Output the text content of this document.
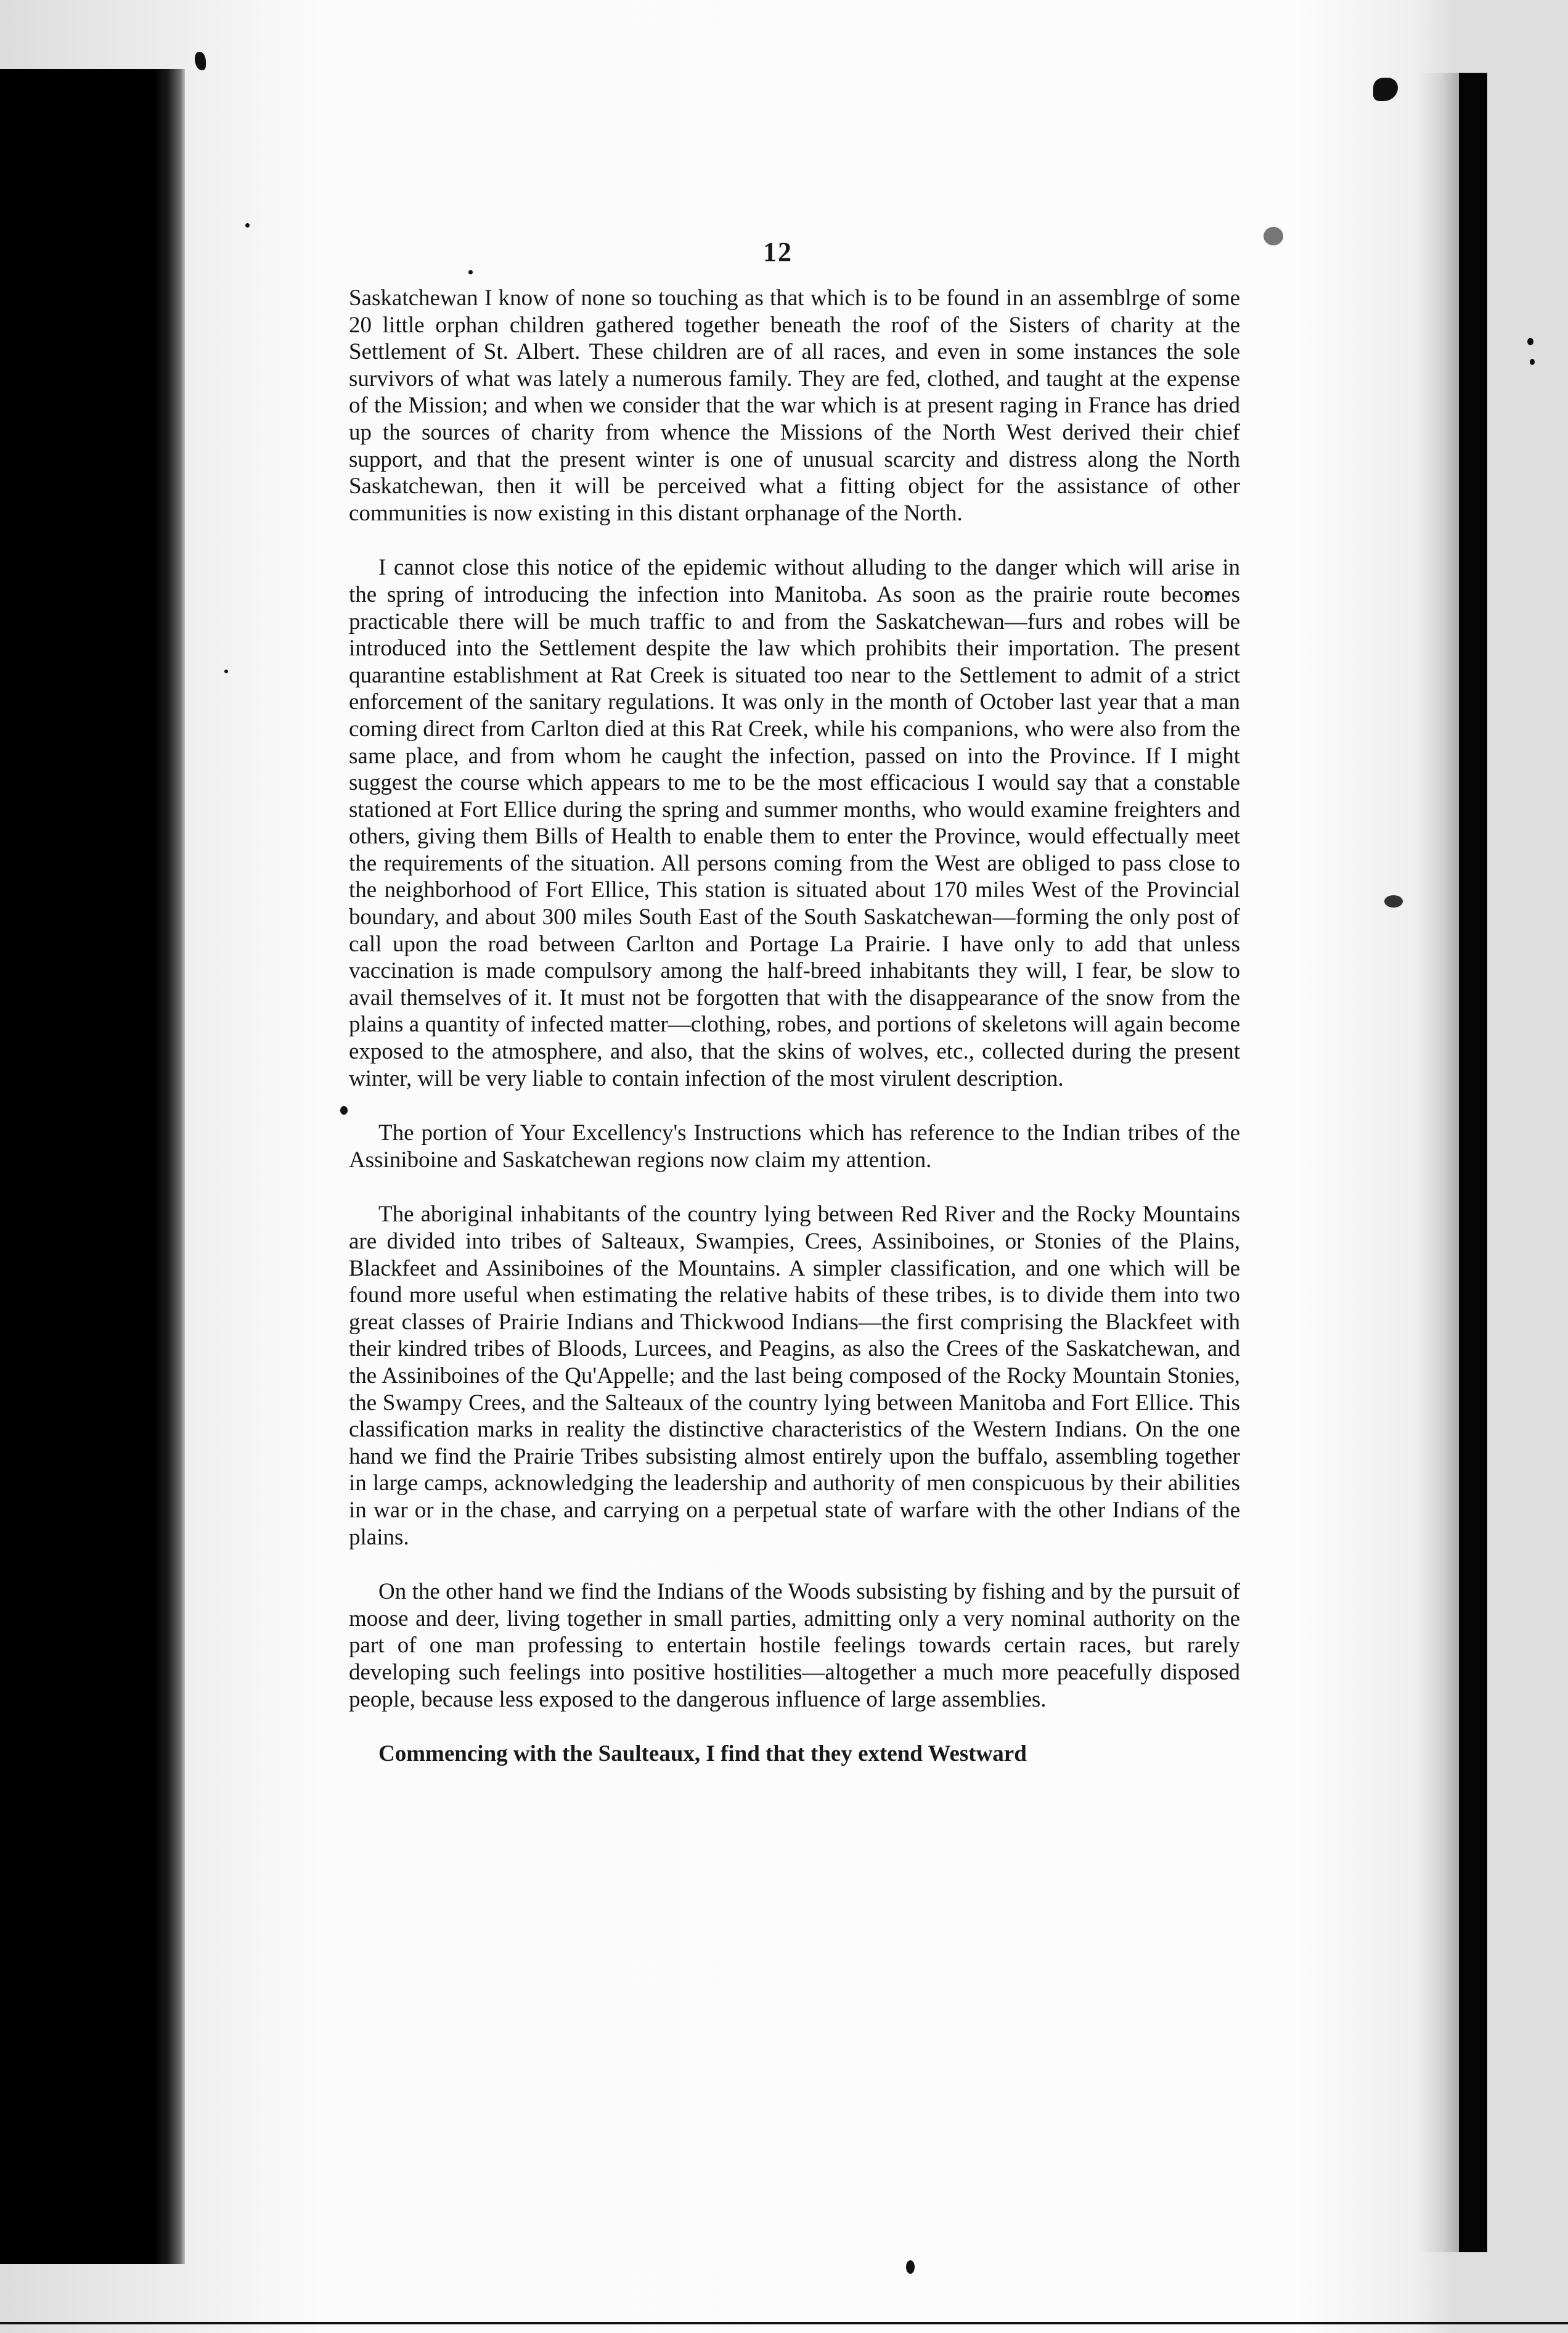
12

Saskatchewan I know of none so touching as that which is to be found in an assemblrge of some 20 little orphan children gathered together beneath the roof of the Sisters of charity at the Settlement of St. Albert. These children are of all races, and even in some instances the sole survivors of what was lately a numerous family. They are fed, clothed, and taught at the expense of the Mission; and when we consider that the war which is at present raging in France has dried up the sources of charity from whence the Missions of the North West derived their chief support, and that the present winter is one of unusual scarcity and distress along the North Saskatchewan, then it will be perceived what a fitting object for the assistance of other communities is now existing in this distant orphanage of the North.

I cannot close this notice of the epidemic without alluding to the danger which will arise in the spring of introducing the infection into Manitoba. As soon as the prairie route becomes practicable there will be much traffic to and from the Saskatchewan—furs and robes will be introduced into the Settlement despite the law which prohibits their importation. The present quarantine establishment at Rat Creek is situated too near to the Settlement to admit of a strict enforcement of the sanitary regulations. It was only in the month of October last year that a man coming direct from Carlton died at this Rat Creek, while his companions, who were also from the same place, and from whom he caught the infection, passed on into the Province. If I might suggest the course which appears to me to be the most efficacious I would say that a constable stationed at Fort Ellice during the spring and summer months, who would examine freighters and others, giving them Bills of Health to enable them to enter the Province, would effectually meet the requirements of the situation. All persons coming from the West are obliged to pass close to the neighborhood of Fort Ellice, This station is situated about 170 miles West of the Provincial boundary, and about 300 miles South East of the South Saskatchewan—forming the only post of call upon the road between Carlton and Portage La Prairie. I have only to add that unless vaccination is made compulsory among the half-breed inhabitants they will, I fear, be slow to avail themselves of it. It must not be forgotten that with the disappearance of the snow from the plains a quantity of infected matter—clothing, robes, and portions of skeletons will again become exposed to the atmosphere, and also, that the skins of wolves, etc., collected during the present winter, will be very liable to contain infection of the most virulent description.

The portion of Your Excellency's Instructions which has reference to the Indian tribes of the Assiniboine and Saskatchewan regions now claim my attention.

The aboriginal inhabitants of the country lying between Red River and the Rocky Mountains are divided into tribes of Salteaux, Swampies, Crees, Assiniboines, or Stonies of the Plains, Blackfeet and Assiniboines of the Mountains. A simpler classification, and one which will be found more useful when estimating the relative habits of these tribes, is to divide them into two great classes of Prairie Indians and Thickwood Indians—the first comprising the Blackfeet with their kindred tribes of Bloods, Lurcees, and Peagins, as also the Crees of the Saskatchewan, and the Assiniboines of the Qu'Appelle; and the last being composed of the Rocky Mountain Stonies, the Swampy Crees, and the Salteaux of the country lying between Manitoba and Fort Ellice. This classification marks in reality the distinctive characteristics of the Western Indians. On the one hand we find the Prairie Tribes subsisting almost entirely upon the buffalo, assembling together in large camps, acknowledging the leadership and authority of men conspicuous by their abilities in war or in the chase, and carrying on a perpetual state of warfare with the other Indians of the plains.

On the other hand we find the Indians of the Woods subsisting by fishing and by the pursuit of moose and deer, living together in small parties, admitting only a very nominal authority on the part of one man professing to entertain hostile feelings towards certain races, but rarely developing such feelings into positive hostilities—altogether a much more peacefully disposed people, because less exposed to the dangerous influence of large assemblies.

Commencing with the Saulteaux, I find that they extend Westward
